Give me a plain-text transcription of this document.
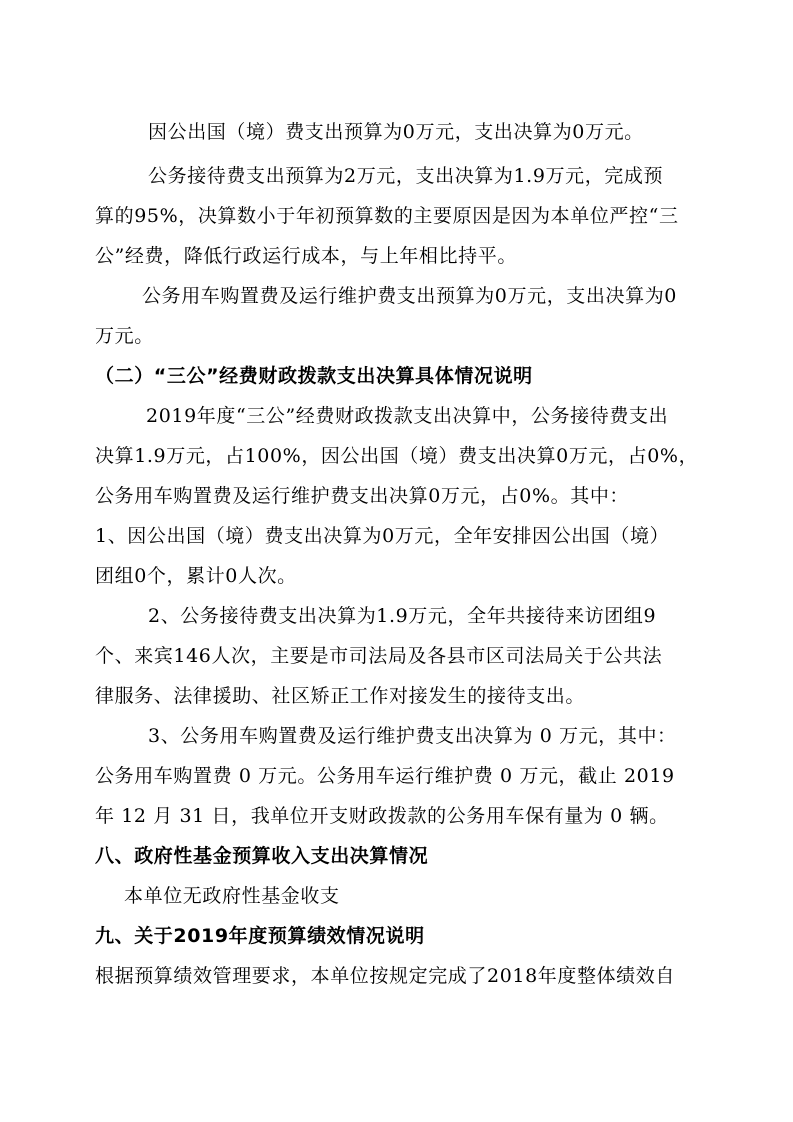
因公出国（境）费支出预算为0万元，支出决算为0万元。
公务接待费支出预算为2万元，支出决算为1.9万元，完成预
算的95%，决算数小于年初预算数的主要原因是因为本单位严控“三
公”经费，降低行政运行成本，与上年相比持平。
公务用车购置费及运行维护费支出预算为0万元，支出决算为0
万元。
（二）“三公”经费财政拨款支出决算具体情况说明
2019年度“三公”经费财政拨款支出决算中，公务接待费支出
决算1.9万元，占100%，因公出国（境）费支出决算0万元，占0%，
公务用车购置费及运行维护费支出决算0万元，占0%。其中：
1、因公出国（境）费支出决算为0万元，全年安排因公出国（境）
团组0个，累计0人次。
2、公务接待费支出决算为1.9万元，全年共接待来访团组9
个、来宾146人次，主要是市司法局及各县市区司法局关于公共法
律服务、法律援助、社区矫正工作对接发生的接待支出。
3、公务用车购置费及运行维护费支出决算为 0 万元，其中：
公务用车购置费 0 万元。公务用车运行维护费 0 万元，截止 2019
年 12 月 31 日，我单位开支财政拨款的公务用车保有量为 0 辆。
八、政府性基金预算收入支出决算情况
本单位无政府性基金收支
九、关于2019年度预算绩效情况说明
根据预算绩效管理要求，本单位按规定完成了2018年度整体绩效自
